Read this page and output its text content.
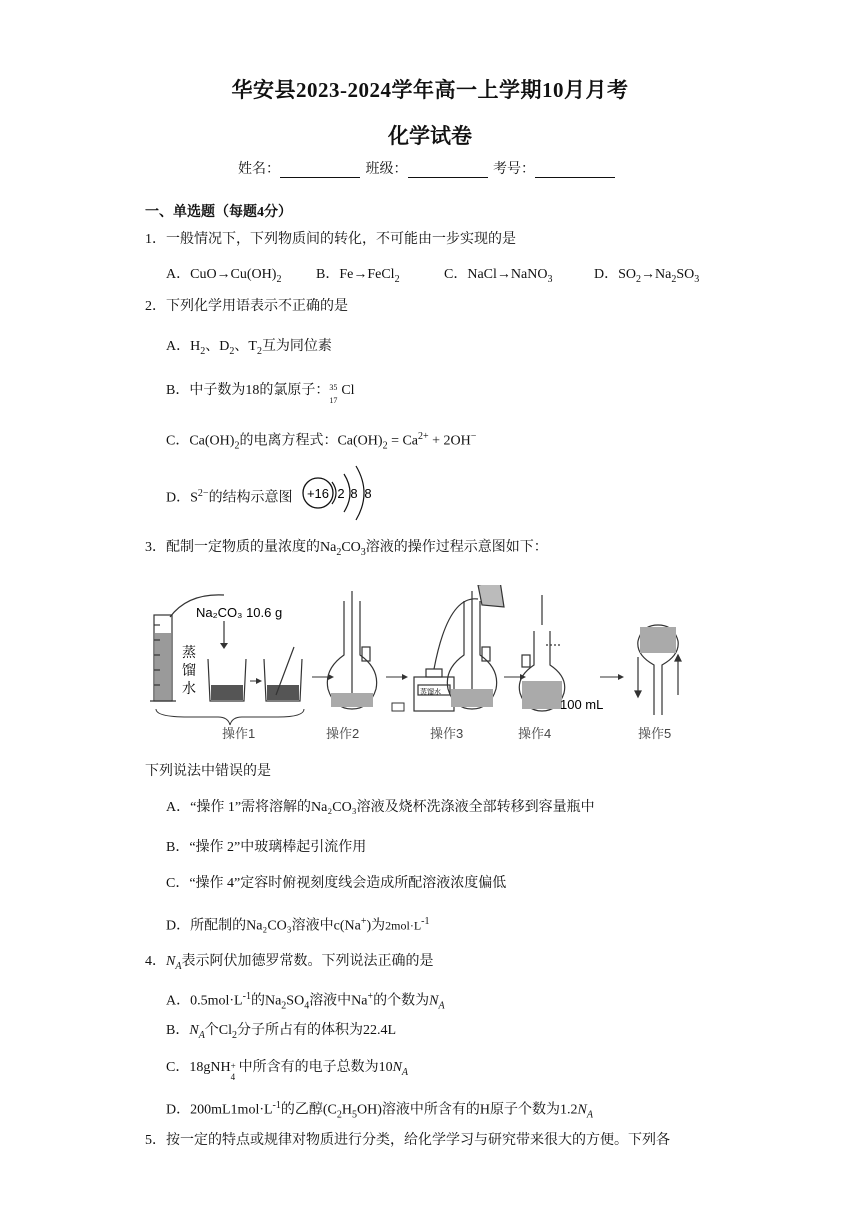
华安县2023-2024学年高一上学期10月月考
化学试卷
姓名：	班级：	考号：
一、单选题（每题4分）
1．一般情况下，下列物质间的转化，不可能由一步实现的是
A．$CuO\to Cu(OH)_2$ B．Fe→FeCl$_2$	C．NaCl→NaNO$_3$	D．$SO_2\to Na_2SO_3$
2．下列化学用语表示不正确的是
A．$H_2$、$D_2$、$T_2$互为同位素
B．中子数为18的氯原子： 35
17
Cl
C．$Ca(OH)_2$的电离方程式：$Ca(OH)_2 = Ca^{2+} + 2OH^-$
D．$S^{2-}$的结构示意图 +16 2 8 8
3．配制一定物质的量浓度的$Na_2CO_3$溶液的操作过程示意图如下：
Na₂CO₃ 10.6 g
蒸
馏
水
操作1	操作2
蒸馏水
操作3
100 mL
操作4	操作5
下列说法中错误的是
A．“操作 1”需将溶解的Na₂CO₃溶液及烧杯洗涤液全部转移到容量瓶中
B．“操作 2”中玻璃棒起引流作用
C．“操作 4”定容时俯视刻度线会造成所配溶液浓度偏低
D．所配制的Na₂CO₃溶液中c(Na+)为$2mol\cdot L^{-1}$
4．$N_A$表示阿伏加德罗常数。下列说法正确的是
A．$0.5mol\cdot L^{-1}$的$Na_2SO_4$溶液中Na+的个数为$N_A$
B．$N_A$个$Cl_2$分子所占有的体积为22.4L
C．18gNH +
4
中所含有的电子总数为$10N_A$
D．$200mL1mol\cdot L^{-1}$的乙醇$(C_2H_5OH)$溶液中所含有的H原子个数为$1.2N_A$
5．按一定的特点或规律对物质进行分类，给化学学习与研究带来很大的方便。下列各
